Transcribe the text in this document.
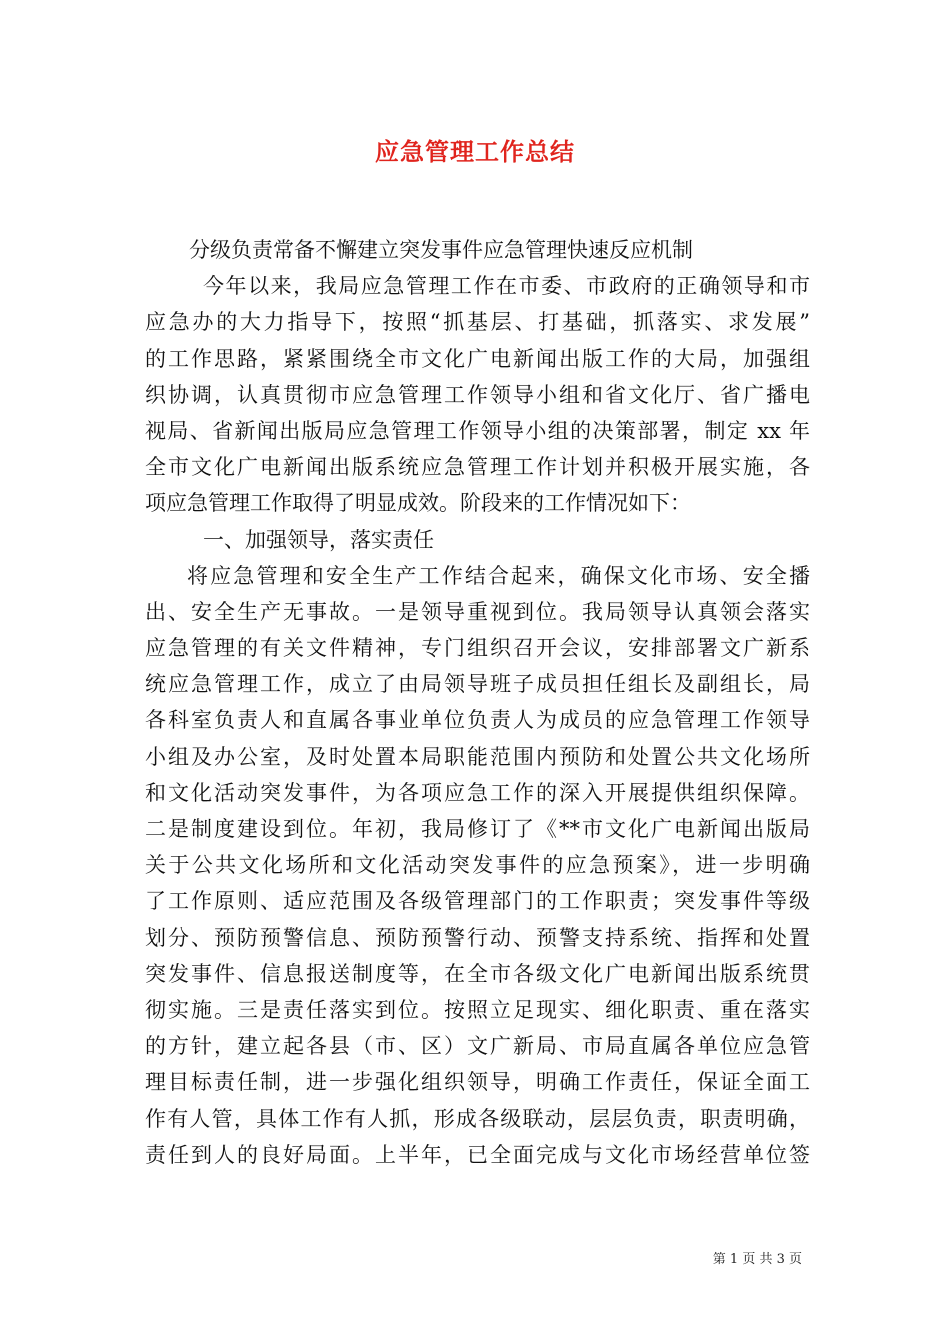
应急管理工作总结
分级负责常备不懈建立突发事件应急管理快速反应机制
今年以来，我局应急管理工作在市委、市政府的正确领导和市
应急办的大力指导下，按照“抓基层、打基础，抓落实、求发展”
的工作思路，紧紧围绕全市文化广电新闻出版工作的大局，加强组
织协调，认真贯彻市应急管理工作领导小组和省文化厅、省广播电
视局、省新闻出版局应急管理工作领导小组的决策部署，制定 xx 年
全市文化广电新闻出版系统应急管理工作计划并积极开展实施，各
项应急管理工作取得了明显成效。阶段来的工作情况如下：
一、加强领导，落实责任
将应急管理和安全生产工作结合起来，确保文化市场、安全播
出、安全生产无事故。一是领导重视到位。我局领导认真领会落实
应急管理的有关文件精神，专门组织召开会议，安排部署文广新系
统应急管理工作，成立了由局领导班子成员担任组长及副组长，局
各科室负责人和直属各事业单位负责人为成员的应急管理工作领导
小组及办公室，及时处置本局职能范围内预防和处置公共文化场所
和文化活动突发事件，为各项应急工作的深入开展提供组织保障。
二是制度建设到位。年初，我局修订了《**市文化广电新闻出版局
关于公共文化场所和文化活动突发事件的应急预案》，进一步明确
了工作原则、适应范围及各级管理部门的工作职责；突发事件等级
划分、预防预警信息、预防预警行动、预警支持系统、指挥和处置
突发事件、信息报送制度等，在全市各级文化广电新闻出版系统贯
彻实施。三是责任落实到位。按照立足现实、细化职责、重在落实
的方针，建立起各县（市、区）文广新局、市局直属各单位应急管
理目标责任制，进一步强化组织领导，明确工作责任，保证全面工
作有人管，具体工作有人抓，形成各级联动，层层负责，职责明确，
责任到人的良好局面。上半年，已全面完成与文化市场经营单位签
第 1 页 共 3 页
